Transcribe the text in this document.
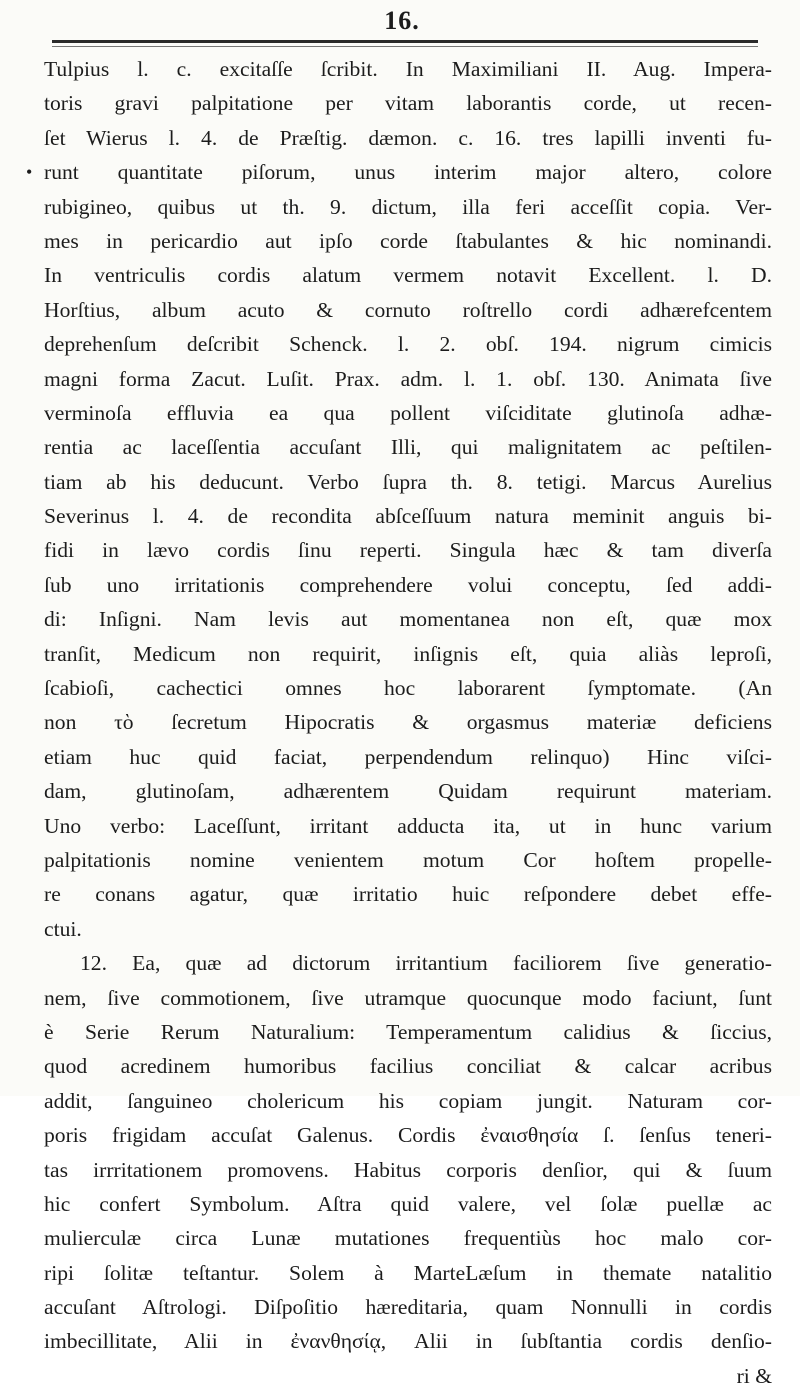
16.
Tulpius l. c. excitaſſe ſcribit. In Maximiliani II. Aug. Impera-
toris gravi palpitatione per vitam laborantis corde, ut recen-
ſet Wierus l. 4. de Præſtig. dæmon. c. 16. tres lapilli inventi fu-
• runt quantitate piſorum, unus interim major altero, colore
rubigineo, quibus ut th. 9. dictum, illa feri acceſſit copia. Ver-
mes in pericardio aut ipſo corde ſtabulantes & hic nominandi.
In ventriculis cordis alatum vermem notavit Excellent. l. D.
Horſtius, album acuto & cornuto roſtrello cordi adhærefcentem
deprehenſum deſcribit Schenck. l. 2. obſ. 194. nigrum cimicis
magni forma Zacut. Luſit. Prax. adm. l. 1. obſ. 130. Animata ſive
verminoſa effluvia ea qua pollent viſciditate glutinoſa adhæ-
rentia ac laceſſentia accuſant Illi, qui malignitatem ac peſtilen-
tiam ab his deducunt. Verbo ſupra th. 8. tetigi. Marcus Aurelius
Severinus l. 4. de recondita abſceſſuum natura meminit anguis bi-
fidi in lævo cordis ſinu reperti. Singula hæc & tam diverſa
ſub uno irritationis comprehendere volui conceptu, ſed addi-
di: Inſigni. Nam levis aut momentanea non eſt, quæ mox
tranſit, Medicum non requirit, inſignis eſt, quia aliàs leproſi,
ſcabioſi, cachectici omnes hoc laborarent ſymptomate. (An
non τὸ ſecretum Hipocratis & orgasmus materiæ deficiens
etiam huc quid faciat, perpendendum relinquo) Hinc viſci-
dam, glutinoſam, adhærentem Quidam requirunt materiam.
Uno verbo: Laceſſunt, irritant adducta ita, ut in hunc varium
palpitationis nomine venientem motum Cor hoſtem propelle-
re conans agatur, quæ irritatio huic reſpondere debet effe-
ctui.
12. Ea, quæ ad dictorum irritantium faciliorem ſive generatio-
nem, ſive commotionem, ſive utramque quocunque modo faciunt, ſunt
è Serie Rerum Naturalium: Temperamentum calidius & ſiccius,
quod acredinem humoribus facilius conciliat & calcar acribus
addit, ſanguineo cholericum his copiam jungit. Naturam cor-
poris frigidam accuſat Galenus. Cordis ἐναισθησία ſ. ſenſus teneri-
tas irrritationem promovens. Habitus corporis denſior, qui & ſuum
hic confert Symbolum. Aſtra quid valere, vel ſolæ puellæ ac
mulierculæ circa Lunæ mutationes frequentiùs hoc malo cor-
ripi ſolitæ teſtantur. Solem à MarteLæſum in themate natalitio
accuſant Aſtrologi. Diſpoſitio hæreditaria, quam Nonnulli in cordis
imbecillitate, Alii in ἐνανθησίᾳ, Alii in ſubſtantia cordis denſio-
ri &
